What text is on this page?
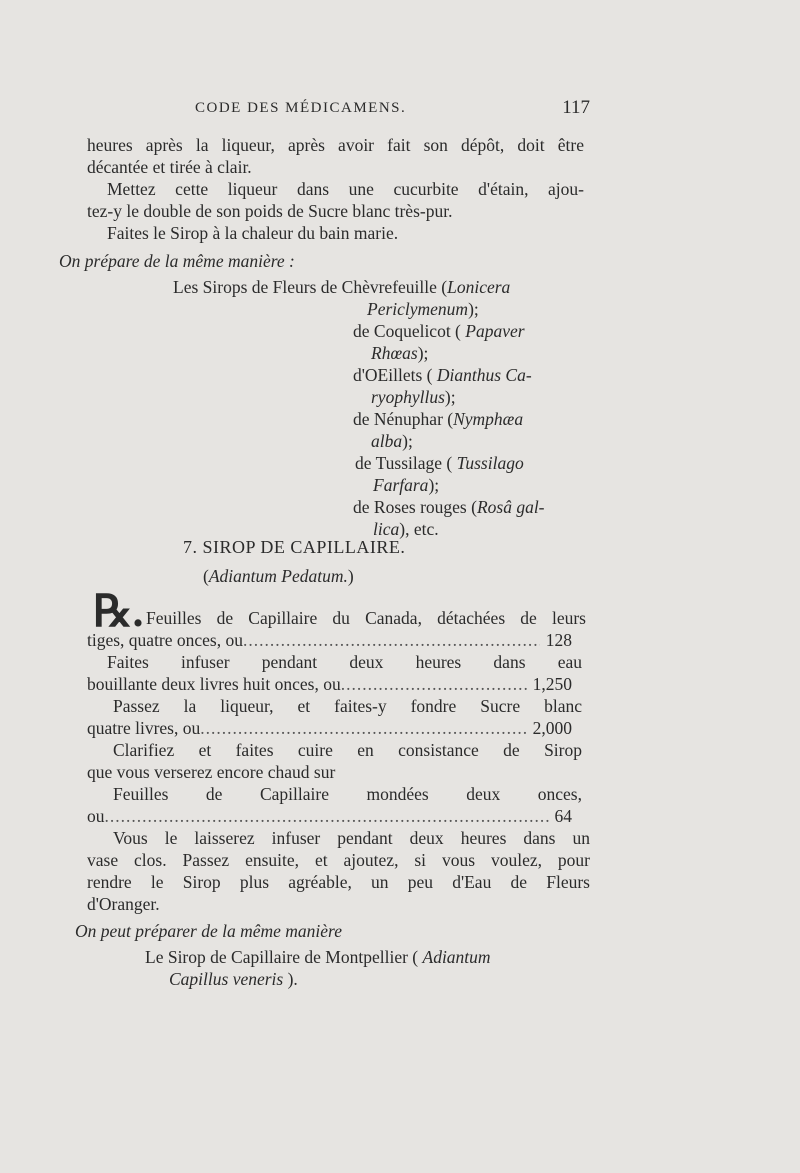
CODE DES MÉDICAMENS.	117
heures après la liqueur, après avoir fait son dépôt, doit être
décantée et tirée à clair.
Mettez cette liqueur dans une cucurbite d'étain, ajou-
tez-y le double de son poids de Sucre blanc très-pur.
Faites le Sirop à la chaleur du bain marie.
On prépare de la même manière :
Les Sirops de Fleurs de Chèvrefeuille (Lonicera
Periclymenum);
de Coquelicot ( Papaver
Rhœas);
d'OEillets ( Dianthus Ca-
ryophyllus);
de Nénuphar (Nymphæa
alba);
de Tussilage ( Tussilago
Farfara);
de Roses rouges (Rosâ gal-
lica), etc.
7. SIROP DE CAPILLAIRE.
(Adiantum Pedatum.)
℞. Feuilles de Capillaire du Canada, détachées de leurs
tiges, quatre onces, ou .....	128
Faites infuser pendant deux heures dans eau
bouillante deux livres huit onces, ou .....	1,250
Passez la liqueur, et faites-y fondre Sucre blanc
quatre livres, ou .....	2,000
Clarifiez et faites cuire en consistance de Sirop
que vous verserez encore chaud sur
Feuilles de Capillaire mondées deux onces,
ou .....	64
Vous le laisserez infuser pendant deux heures dans un
vase clos. Passez ensuite, et ajoutez, si vous voulez, pour
rendre le Sirop plus agréable, un peu d'Eau de Fleurs
d'Oranger.
On peut préparer de la même manière
Le Sirop de Capillaire de Montpellier ( Adiantum
Capillus veneris ).
